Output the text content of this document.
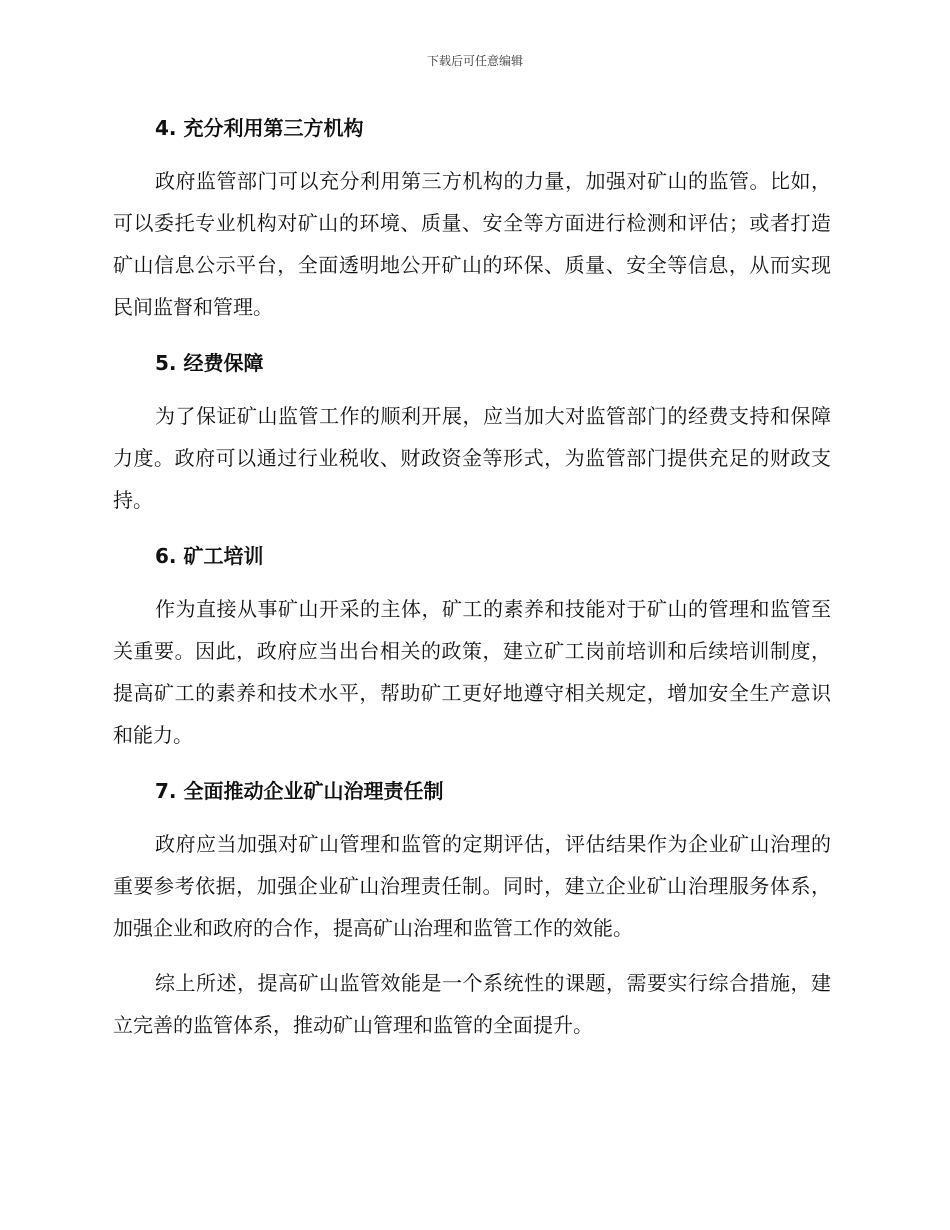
下载后可任意编辑
4. 充分利用第三方机构

政府监管部门可以充分利用第三方机构的力量，加强对矿山的监管。比如，可以委托专业机构对矿山的环境、质量、安全等方面进行检测和评估；或者打造矿山信息公示平台，全面透明地公开矿山的环保、质量、安全等信息，从而实现民间监督和管理。

5. 经费保障

为了保证矿山监管工作的顺利开展，应当加大对监管部门的经费支持和保障力度。政府可以通过行业税收、财政资金等形式，为监管部门提供充足的财政支持。

6. 矿工培训

作为直接从事矿山开采的主体，矿工的素养和技能对于矿山的管理和监管至关重要。因此，政府应当出台相关的政策，建立矿工岗前培训和后续培训制度，提高矿工的素养和技术水平，帮助矿工更好地遵守相关规定，增加安全生产意识和能力。

7. 全面推动企业矿山治理责任制

政府应当加强对矿山管理和监管的定期评估，评估结果作为企业矿山治理的重要参考依据，加强企业矿山治理责任制。同时，建立企业矿山治理服务体系，加强企业和政府的合作，提高矿山治理和监管工作的效能。

综上所述，提高矿山监管效能是一个系统性的课题，需要实行综合措施，建立完善的监管体系，推动矿山管理和监管的全面提升。
